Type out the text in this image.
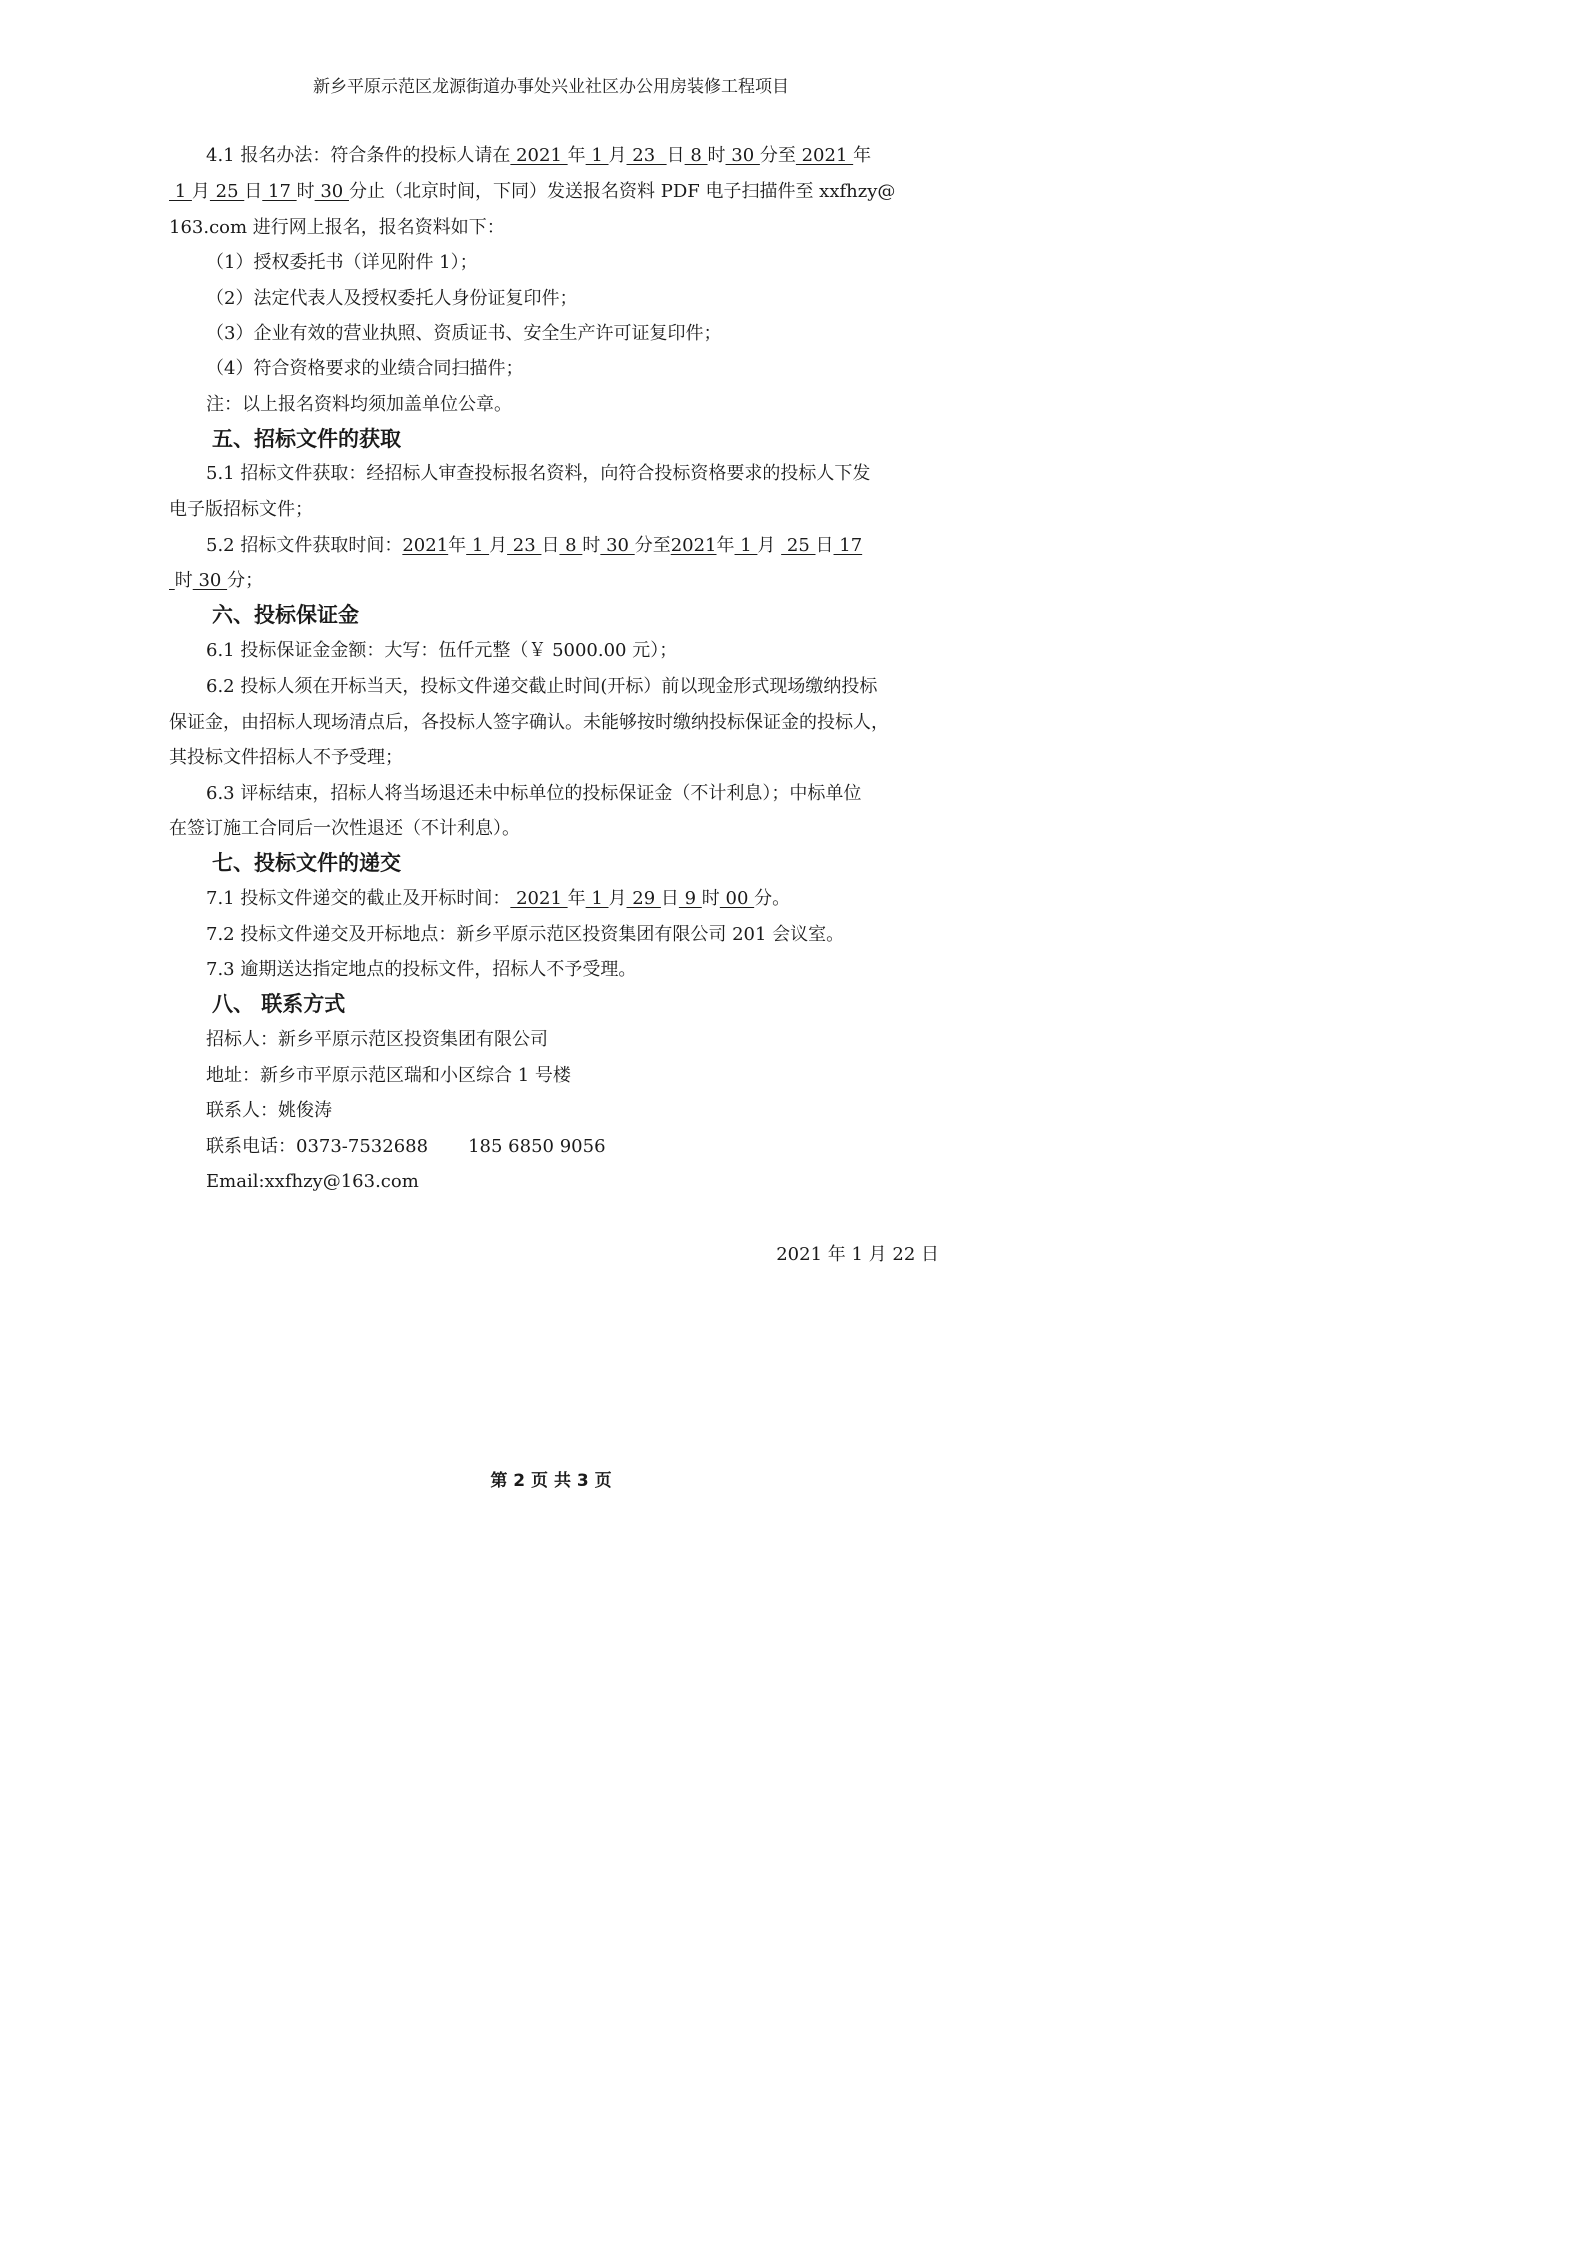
新乡平原示范区龙源街道办事处兴业社区办公用房装修工程项目
4.1 报名办法：符合条件的投标人请在 2021 年 1 月 23  日 8 时 30 分至 2021 年
1 月 25 日 17 时 30 分止（北京时间，下同）发送报名资料 PDF 电子扫描件至 xxfhzy@
163.com 进行网上报名，报名资料如下：
（1）授权委托书（详见附件 1）；
（2）法定代表人及授权委托人身份证复印件；
（3）企业有效的营业执照、资质证书、安全生产许可证复印件；
（4）符合资格要求的业绩合同扫描件；
注：以上报名资料均须加盖单位公章。
五、招标文件的获取
5.1 招标文件获取：经招标人审查投标报名资料，向符合投标资格要求的投标人下发
电子版招标文件；
5.2 招标文件获取时间：2021年 1 月 23 日 8 时 30 分至2021年 1 月  25 日 17
时 30 分；
六、投标保证金
6.1 投标保证金金额：大写：伍仟元整（￥ 5000.00 元）；
6.2 投标人须在开标当天，投标文件递交截止时间(开标）前以现金形式现场缴纳投标
保证金，由招标人现场清点后，各投标人签字确认。未能够按时缴纳投标保证金的投标人，
其投标文件招标人不予受理；
6.3 评标结束，招标人将当场退还未中标单位的投标保证金（不计利息）；中标单位
在签订施工合同后一次性退还（不计利息）。
七、投标文件的递交
7.1 投标文件递交的截止及开标时间： 2021 年 1 月 29 日 9 时 00 分。
7.2 投标文件递交及开标地点：新乡平原示范区投资集团有限公司 201 会议室。
7.3 逾期送达指定地点的投标文件，招标人不予受理。
八、 联系方式
招标人：新乡平原示范区投资集团有限公司
地址：新乡市平原示范区瑞和小区综合 1 号楼
联系人：姚俊涛
联系电话：0373-7532688       185 6850 9056
Email:xxfhzy@163.com
2021 年 1 月 22 日
第 2 页 共 3 页
